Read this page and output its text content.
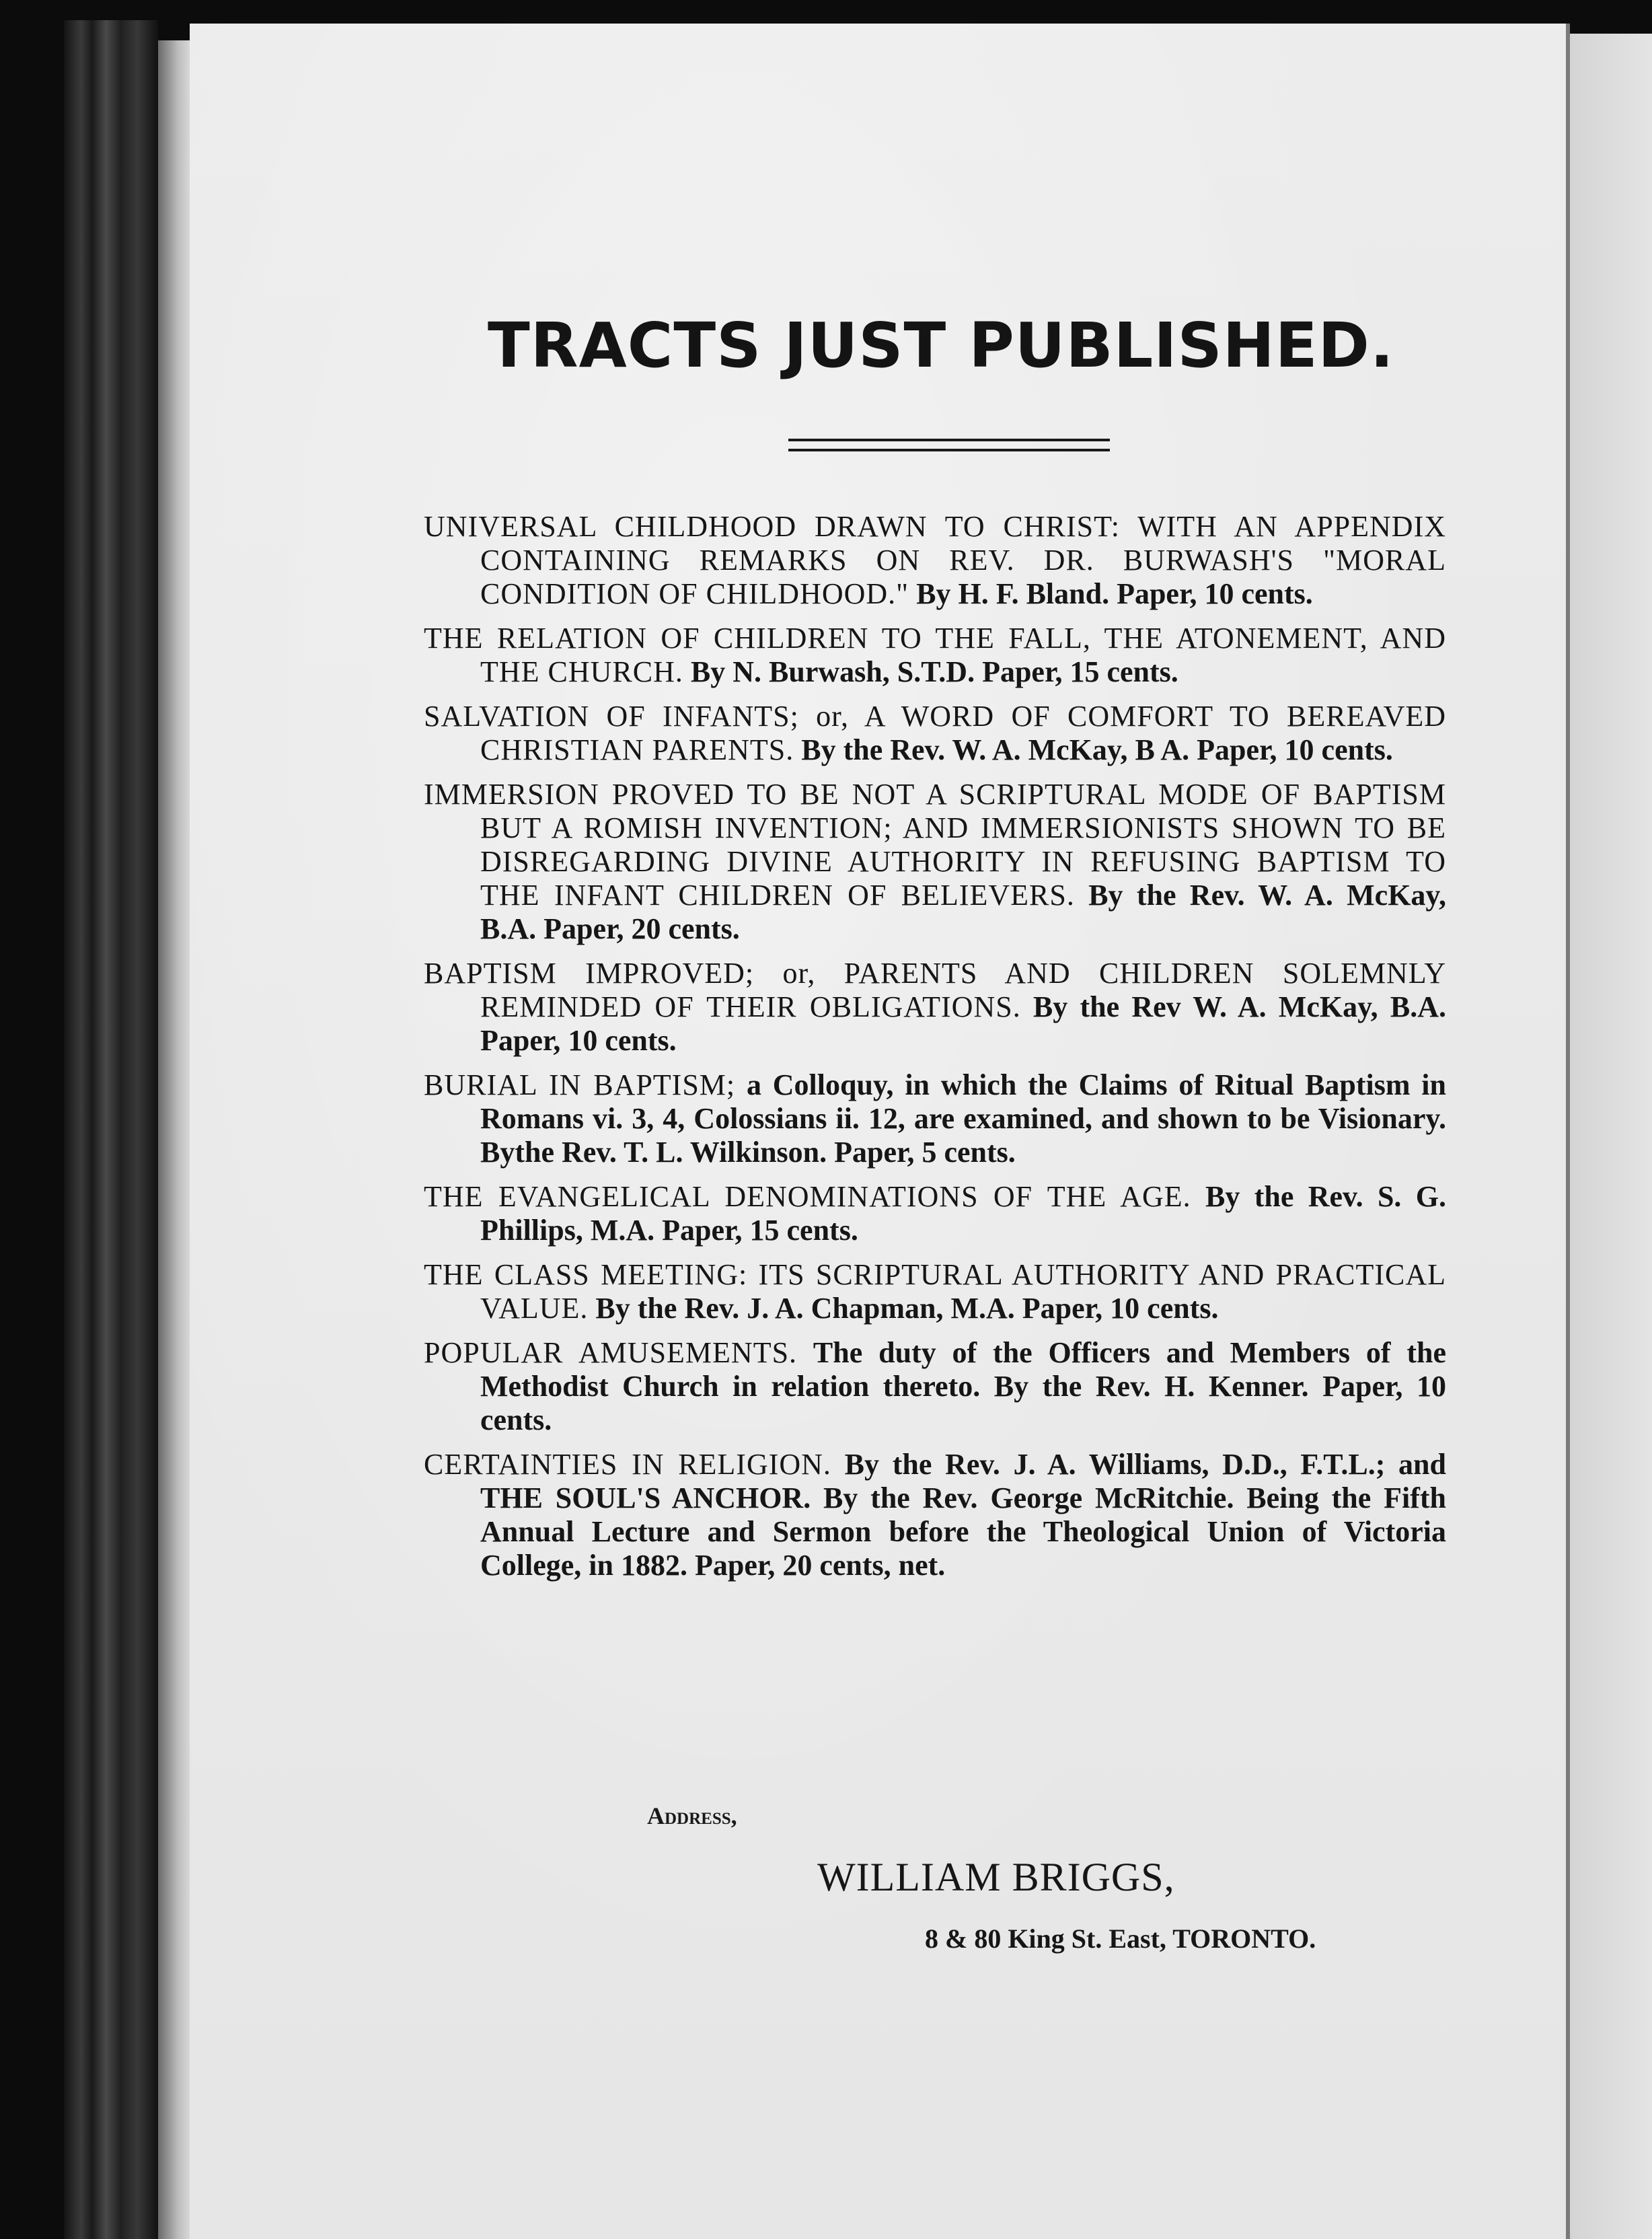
TRACTS JUST PUBLISHED.
UNIVERSAL CHILDHOOD DRAWN TO CHRIST: WITH AN APPENDIX CONTAINING REMARKS ON REV. DR. BURWASH'S "MORAL CONDITION OF CHILDHOOD." By H. F. Bland. Paper, 10 cents.
THE RELATION OF CHILDREN TO THE FALL, THE ATONEMENT, AND THE CHURCH. By N. Burwash, S.T.D. Paper, 15 cents.
SALVATION OF INFANTS; or, A WORD OF COMFORT TO BEREAVED CHRISTIAN PARENTS. By the Rev. W. A. McKay, B A. Paper, 10 cents.
IMMERSION PROVED TO BE NOT A SCRIPTURAL MODE OF BAPTISM BUT A ROMISH INVENTION; AND IMMERSIONISTS SHOWN TO BE DISREGARDING DIVINE AUTHORITY IN REFUSING BAPTISM TO THE INFANT CHILDREN OF BELIEVERS. By the Rev. W. A. McKay, B.A. Paper, 20 cents.
BAPTISM IMPROVED; or, PARENTS AND CHILDREN SOLEMNLY REMINDED OF THEIR OBLIGATIONS. By the Rev W. A. McKay, B.A. Paper, 10 cents.
BURIAL IN BAPTISM; a Colloquy, in which the Claims of Ritual Baptism in Romans vi. 3, 4, Colossians ii. 12, are examined, and shown to be Visionary. Bythe Rev. T. L. Wilkinson. Paper, 5 cents.
THE EVANGELICAL DENOMINATIONS OF THE AGE. By the Rev. S. G. Phillips, M.A. Paper, 15 cents.
THE CLASS MEETING: ITS SCRIPTURAL AUTHORITY AND PRACTICAL VALUE. By the Rev. J. A. Chapman, M.A. Paper, 10 cents.
POPULAR AMUSEMENTS. The duty of the Officers and Members of the Methodist Church in relation thereto. By the Rev. H. Kenner. Paper, 10 cents.
CERTAINTIES IN RELIGION. By the Rev. J. A. Williams, D.D., F.T.L.; and THE SOUL'S ANCHOR. By the Rev. George McRitchie. Being the Fifth Annual Lecture and Sermon before the Theological Union of Victoria College, in 1882. Paper, 20 cents, net.
Address,
WILLIAM BRIGGS,
8 & 80 King St. East, TORONTO.
